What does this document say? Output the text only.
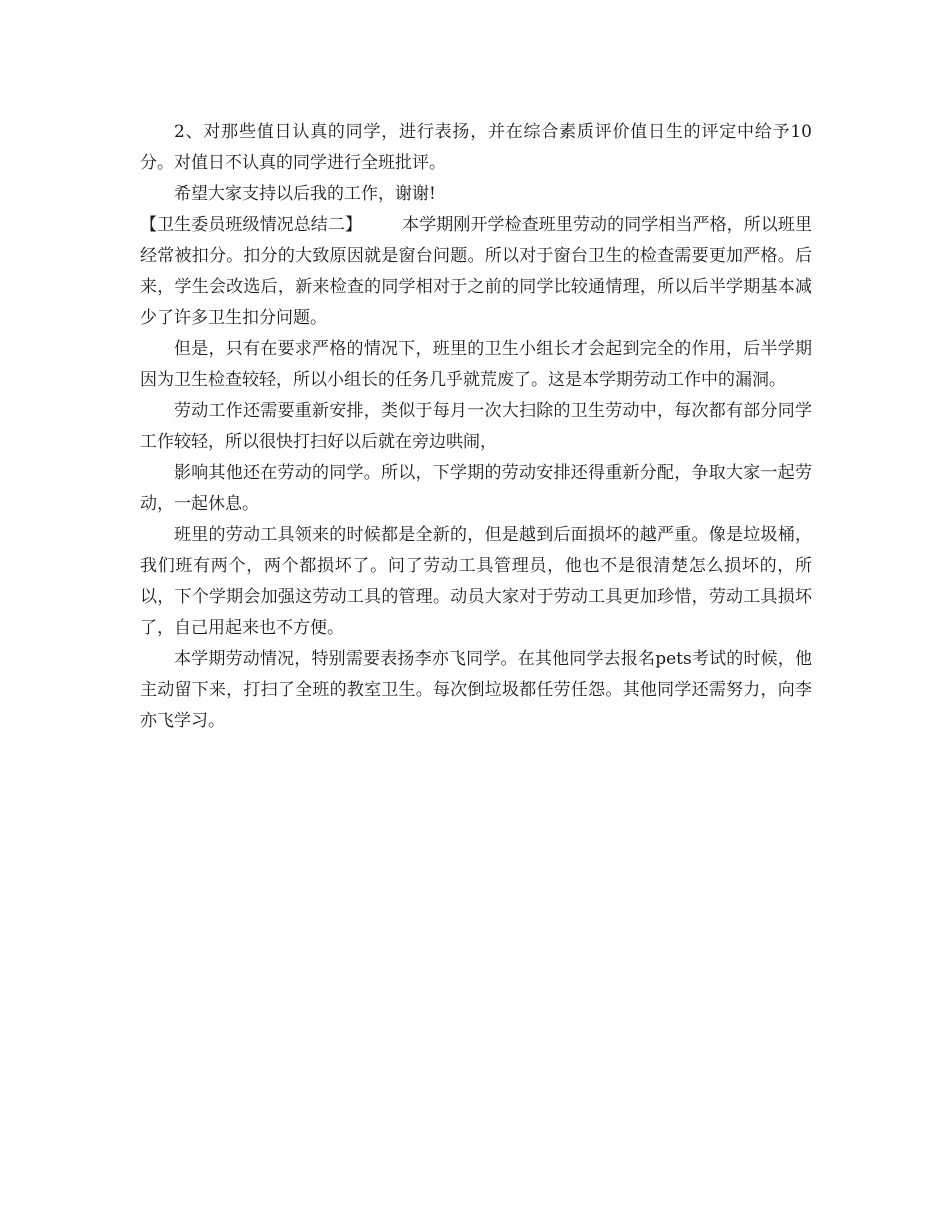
2、对那些值日认真的同学，进行表扬，并在综合素质评价值日生的评定中给予10分。对值日不认真的同学进行全班批评。

希望大家支持以后我的工作，谢谢!

【卫生委员班级情况总结二】 本学期刚开学检查班里劳动的同学相当严格，所以班里经常被扣分。扣分的大致原因就是窗台问题。所以对于窗台卫生的检查需要更加严格。后来，学生会改选后，新来检查的同学相对于之前的同学比较通情理，所以后半学期基本减少了许多卫生扣分问题。

但是，只有在要求严格的情况下，班里的卫生小组长才会起到完全的作用，后半学期因为卫生检查较轻，所以小组长的任务几乎就荒废了。这是本学期劳动工作中的漏洞。

劳动工作还需要重新安排，类似于每月一次大扫除的卫生劳动中，每次都有部分同学工作较轻，所以很快打扫好以后就在旁边哄闹，

影响其他还在劳动的同学。所以，下学期的劳动安排还得重新分配，争取大家一起劳动，一起休息。

班里的劳动工具领来的时候都是全新的，但是越到后面损坏的越严重。像是垃圾桶，我们班有两个，两个都损坏了。问了劳动工具管理员，他也不是很清楚怎么损坏的，所以，下个学期会加强这劳动工具的管理。动员大家对于劳动工具更加珍惜，劳动工具损坏了，自己用起来也不方便。

本学期劳动情况，特别需要表扬李亦飞同学。在其他同学去报名pets考试的时候，他主动留下来，打扫了全班的教室卫生。每次倒垃圾都任劳任怨。其他同学还需努力，向李亦飞学习。
